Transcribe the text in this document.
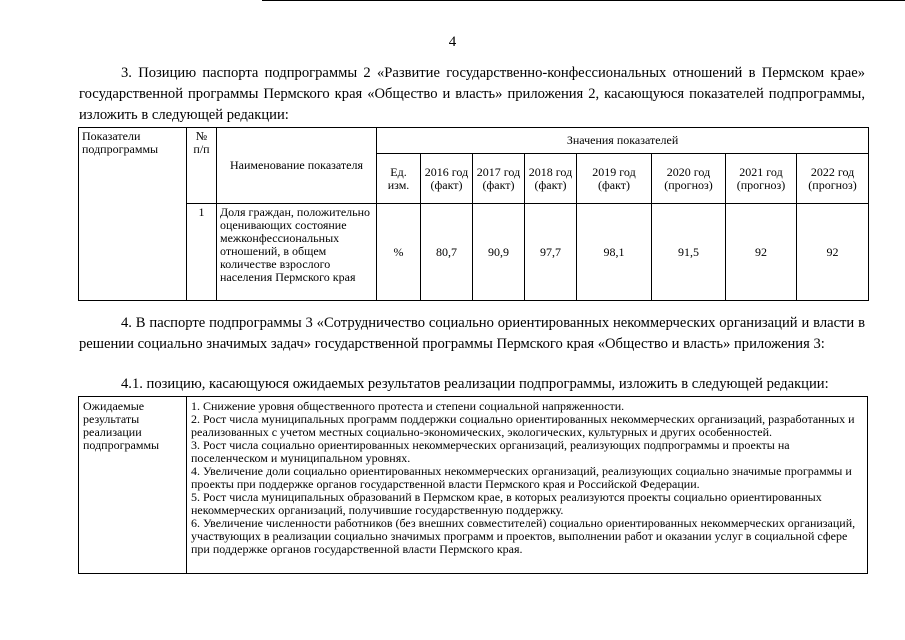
4

3. Позицию паспорта подпрограммы 2 «Развитие государственно-конфессиональных отношений в Пермском крае» государственной программы Пермского края «Общество и власть» приложения 2, касающуюся показателей подпрограммы, изложить в следующей редакции:

Показатели подпрограммы	№ п/п	Наименование показателя	Значения показателей							
			Ед. изм.	2016 год (факт)	2017 год (факт)	2018 год (факт)	2019 год (факт)	2020 год (прогноз)	2021 год (прогноз)	2022 год (прогноз)
	1	Доля граждан, положительно оценивающих состояние межконфессиональных отношений, в общем количестве взрослого населения Пермского края	%	80,7	90,9	97,7	98,1	91,5	92	92

4. В паспорте подпрограммы 3 «Сотрудничество социально ориентированных некоммерческих организаций и власти в решении социально значимых задач» государственной программы Пермского края «Общество и власть» приложения 3:

4.1. позицию, касающуюся ожидаемых результатов реализации подпрограммы, изложить в следующей редакции:

Ожидаемые результаты реализации подпрограммы	
1. Снижение уровня общественного протеста и степени социальной напряженности.
2. Рост числа муниципальных программ поддержки социально ориентированных некоммерческих организаций, разработанных и реализованных с учетом местных социально-экономических, экологических, культурных и других особенностей.
3. Рост числа социально ориентированных некоммерческих организаций, реализующих подпрограммы и проекты на поселенческом и муниципальном уровнях.
4. Увеличение доли социально ориентированных некоммерческих организаций, реализующих социально значимые программы и проекты при поддержке органов государственной власти Пермского края и Российской Федерации.
5. Рост числа муниципальных образований в Пермском крае, в которых реализуются проекты социально ориентированных некоммерческих организаций, получившие государственную поддержку.
6. Увеличение численности работников (без внешних совместителей) социально ориентированных некоммерческих организаций, участвующих в реализации социально значимых программ и проектов, выполнении работ и оказании услуг в социальной сфере при поддержке органов государственной власти Пермского края.
